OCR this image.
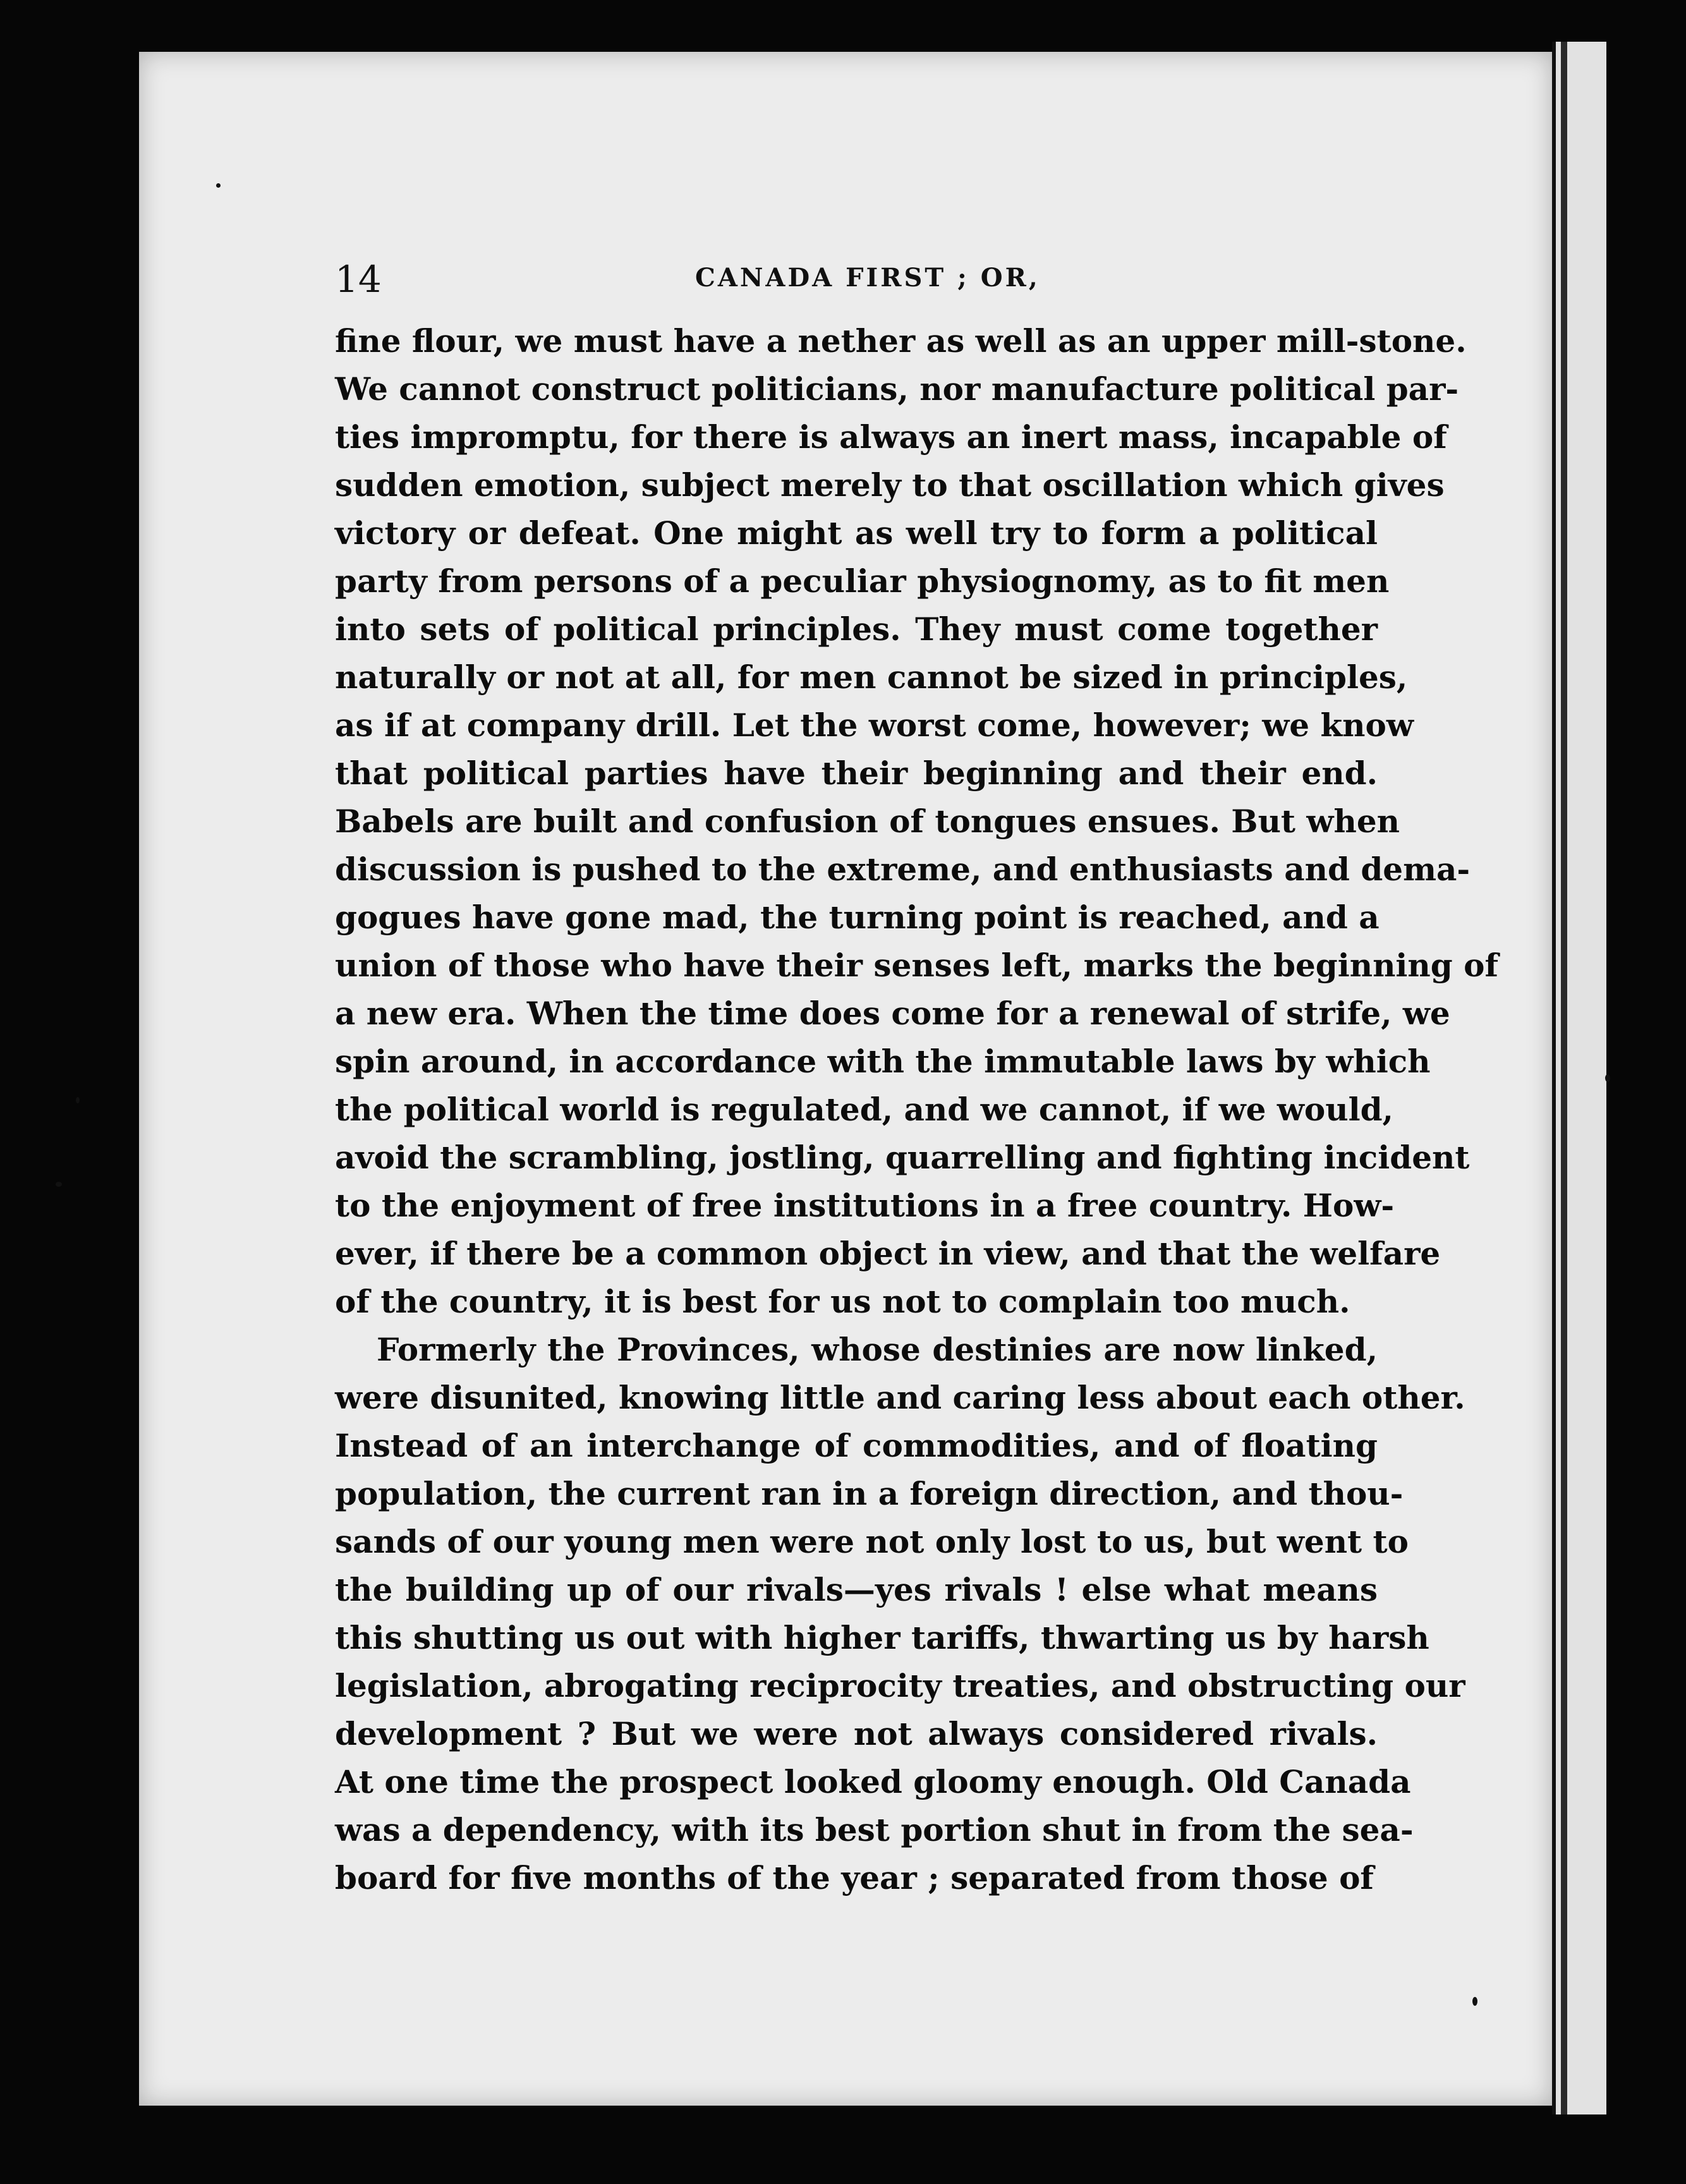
14	CANADA FIRST ; OR,
fine flour, we must have a nether as well as an upper mill-stone.
We cannot construct politicians, nor manufacture political par-
ties impromptu, for there is always an inert mass, incapable of
sudden emotion, subject merely to that oscillation which gives
victory or defeat. One might as well try to form a political
party from persons of a peculiar physiognomy, as to fit men
into sets of political principles. They must come together
naturally or not at all, for men cannot be sized in principles,
as if at company drill. Let the worst come, however; we know
that political parties have their beginning and their end.
Babels are built and confusion of tongues ensues. But when
discussion is pushed to the extreme, and enthusiasts and dema-
gogues have gone mad, the turning point is reached, and a
union of those who have their senses left, marks the beginning of
a new era. When the time does come for a renewal of strife, we
spin around, in accordance with the immutable laws by which
the political world is regulated, and we cannot, if we would,
avoid the scrambling, jostling, quarrelling and fighting incident
to the enjoyment of free institutions in a free country. How-
ever, if there be a common object in view, and that the welfare
of the country, it is best for us not to complain too much.
Formerly the Provinces, whose destinies are now linked,
were disunited, knowing little and caring less about each other.
Instead of an interchange of commodities, and of floating
population, the current ran in a foreign direction, and thou-
sands of our young men were not only lost to us, but went to
the building up of our rivals—yes rivals ! else what means
this shutting us out with higher tariffs, thwarting us by harsh
legislation, abrogating reciprocity treaties, and obstructing our
development ? But we were not always considered rivals.
At one time the prospect looked gloomy enough. Old Canada
was a dependency, with its best portion shut in from the sea-
board for five months of the year ; separated from those of
